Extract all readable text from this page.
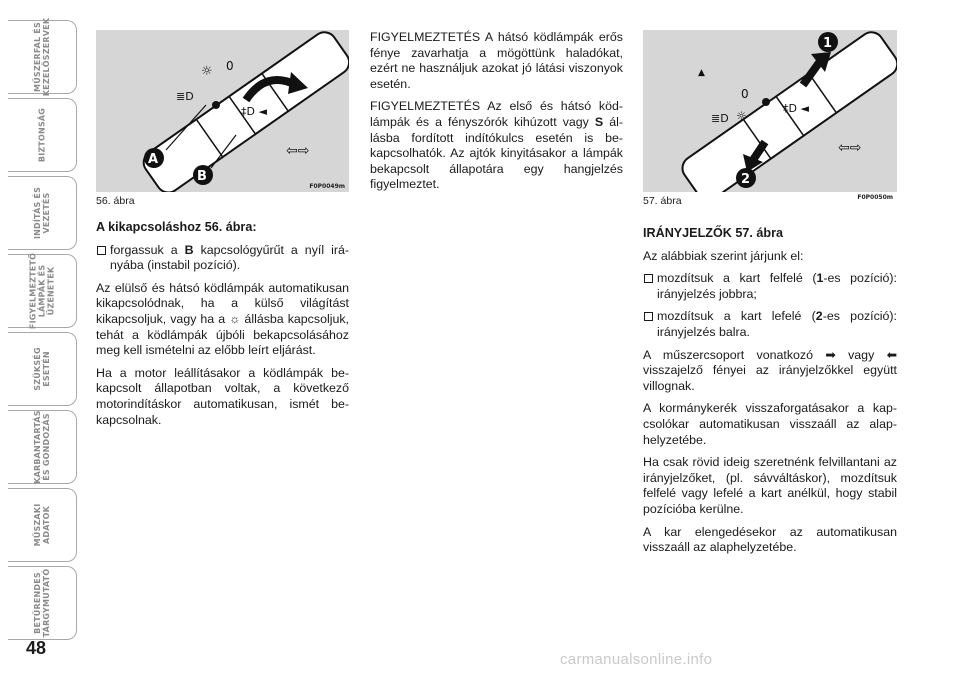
MŰSZERFAL ÉS
KEZELŐSZERVEK
BIZTONSÁG
INDÍTÁS ÉS
VEZETÉS
FIGYELMEZTETŐ
LÁMPÁK ÉS
ÜZENETEK
SZÜKSÉG
ESETÉN
KARBANTARTÁS
ÉS GONDOZÁS
MŰSZAKI
ADATOK
BETŰRENDES
TÁRGYMUTATÓ
48
☼ 0
≣D
‡D ◄
⇦⇨
A
B
F0P0049m
56. ábra
1
2
0
☼
≣D
‡D ◄
⇦⇨
▲
F0P0050m
57. ábra
A kikapcsoláshoz 56. ábra:
forgassuk a B kapcsológyűrűt a nyíl irányába (instabil pozíció).

Az elülső és hátsó ködlámpák automatikusan kikapcsolódnak, ha a külső világítást kikapcsoljuk, vagy ha a ☼ állásba kapcsoljuk, tehát a ködlámpák újbóli bekapcsolásához meg kell ismételni az előbb leírt eljárást.

Ha a motor leállításakor a ködlámpák bekapcsolt állapotban voltak, a következő motorindításkor automatikusan, ismét bekapcsolnak.

FIGYELMEZTETÉS A hátsó ködlámpák erős fénye zavarhatja a mögöttünk haladókat, ezért ne használjuk azokat jó látási viszonyok esetén.

FIGYELMEZTETÉS Az első és hátsó ködlámpák és a fényszórók kihúzott vagy S állásba fordított indítókulcs esetén is bekapcsolhatók. Az ajtók kinyitásakor a lámpák bekapcsolt állapotára egy hangjelzés figyelmeztet.

IRÁNYJELZŐK 57. ábra

Az alábbiak szerint járjunk el:

mozdítsuk a kart felfelé (1-es pozíció): irányjelzés jobbra;
mozdítsuk a kart lefelé (2-es pozíció): irányjelzés balra.

A műszercsoport vonatkozó ➡ vagy ⬅ visszajelző fényei az irányjelzőkkel együtt villognak.

A kormánykerék visszaforgatásakor a kapcsolókar automatikusan visszaáll az alaphelyzetébe.

Ha csak rövid ideig szeretnénk felvillantani az irányjelzőket, (pl. sávváltáskor), mozdítsuk felfelé vagy lefelé a kart anélkül, hogy stabil pozícióba kerülne.

A kar elengedésekor az automatikusan visszaáll az alaphelyzetébe.

carmanualsonline.info
